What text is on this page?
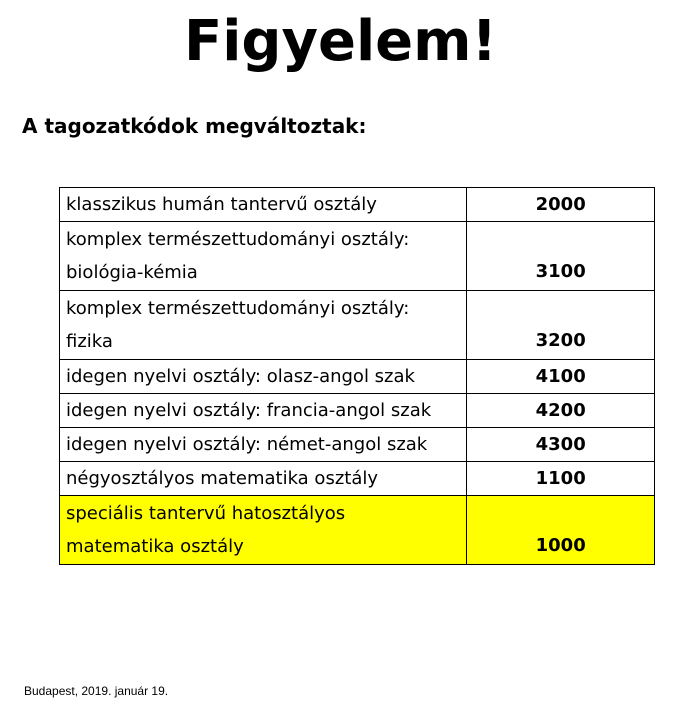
Figyelem!
A tagozatkódok megváltoztak:
klasszikus humán tantervű osztály	2000

komplex természettudományi osztály:
biológia-kémia	3100

komplex természettudományi osztály:
fizika	3200

idegen nyelvi osztály: olasz-angol szak	4100

idegen nyelvi osztály: francia-angol szak	4200

idegen nyelvi osztály: német-angol szak	4300

négyosztályos matematika osztály	1100

speciális tantervű hatosztályos
matematika osztály	1000
Budapest, 2019. január 19.
